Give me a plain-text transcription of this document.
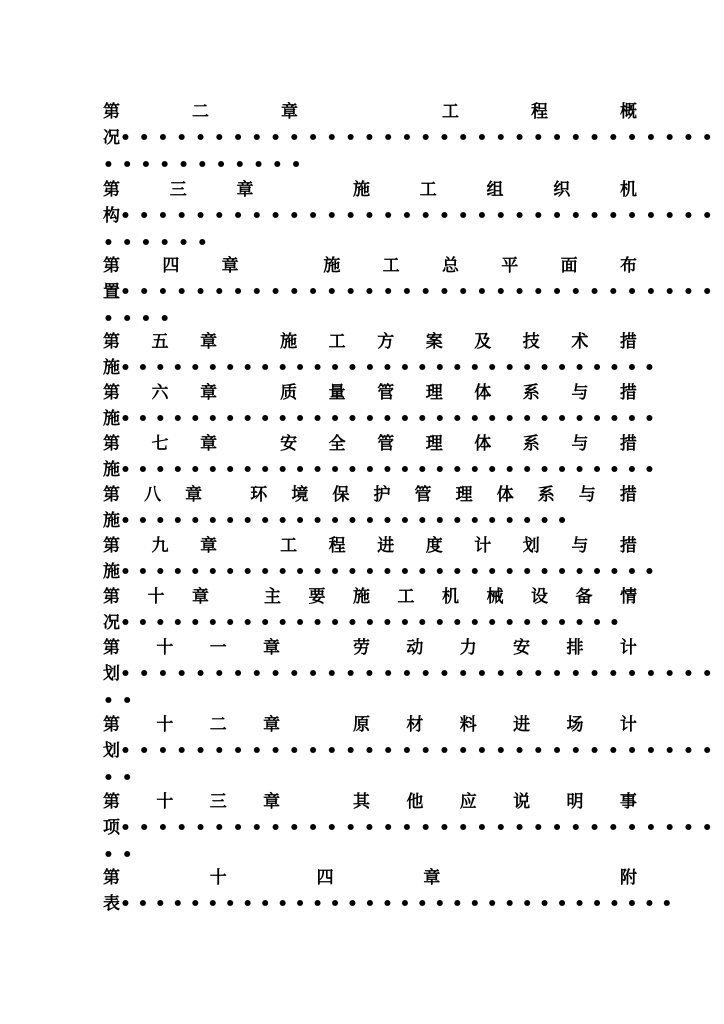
第	二	章	工	程	概
况 ••••••••••••••••••••••••••••••••
•••••••••••
第	三	章	施	工	组	织	机
构 ••••••••••••••••••••••••••••••••
••••••
第 四 章	施 工 总 平 面 布
置 ••••••••••••••••••••••••••••••••
••••
第 五 章	施 工 方 案 及 技 术 措
施 •••••••••••••••••••••••••••••••
第 六 章	质 量 管 理 体 系 与 措
施 •••••••••••••••••••••••••••••••
第 七 章	安 全 管 理 体 系 与 措
施 •••••••••••••••••••••••••••••••
第 八 章	环 境 保 护 管 理 体 系 与 措
施 ••••••••••••••••••••••••••
第 九 章	工 程 进 度 计 划 与 措
施 •••••••••••••••••••••••••••••••
第 十 章	主 要 施 工 机 械 设 备 情
况 •••••••••••••••••••••••••••••
第 十 一 章	劳 动 力 安 排 计
划 ••••••••••••••••••••••••••••••••
••
第 十 二 章	原 材 料 进 场 计
划 ••••••••••••••••••••••••••••••••
••
第 十 三 章	其 他 应 说 明 事
项 ••••••••••••••••••••••••••••••••
••
第	十	四	章	附
表 ••••••••••••••••••••••••••••••••
